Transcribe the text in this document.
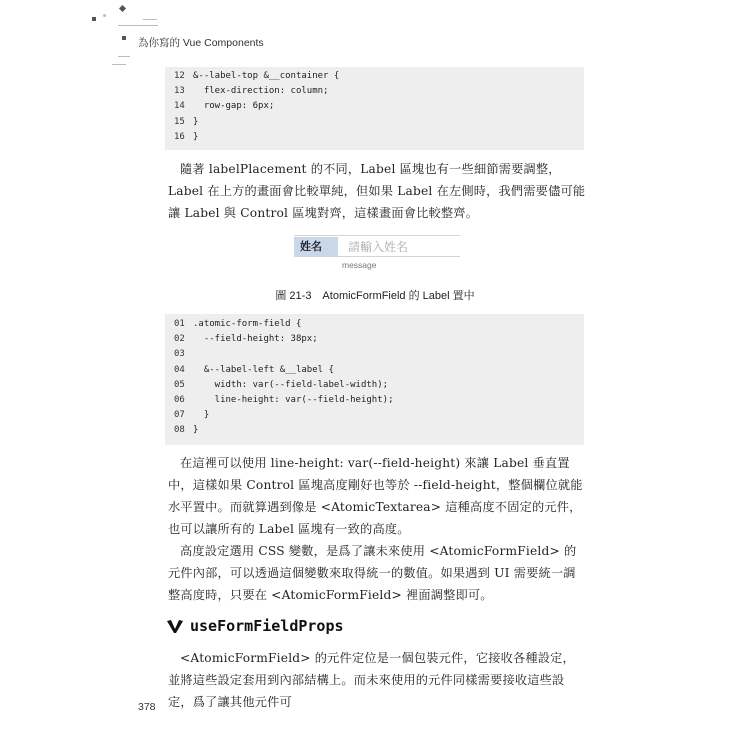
為你寫的 Vue Components
12 &--label-top &__container {
13 flex-direction: column;
14 row-gap: 6px;
15 }
16 }
隨著 labelPlacement 的不同，Label 區塊也有一些細節需要調整，Label 在上方的畫面會比較單純，但如果 Label 在左側時，我們需要儘可能讓 Label 與 Control 區塊對齊，這樣畫面會比較整齊。
姓名	請輸入姓名
message
圖 21-3　AtomicFormField 的 Label 置中
01 .atomic-form-field {
02 --field-height: 38px;
03
04 &--label-left &__label {
05 width: var(--field-label-width);
06 line-height: var(--field-height);
07 }
08 }
在這裡可以使用 line-height: var(--field-height) 來讓 Label 垂直置中，這樣如果 Control 區塊高度剛好也等於 --field-height，整個欄位就能水平置中。而就算遇到像是 <AtomicTextarea> 這種高度不固定的元件，也可以讓所有的 Label 區塊有一致的高度。
高度設定選用 CSS 變數，是爲了讓未來使用 <AtomicFormField> 的元件內部，可以透過這個變數來取得統一的數值。如果遇到 UI 需要統一調整高度時，只要在 <AtomicFormField> 裡面調整即可。
useFormFieldProps
<AtomicFormField> 的元件定位是一個包裝元件，它接收各種設定，並將這些設定套用到內部結構上。而未來使用的元件同樣需要接收這些設定，爲了讓其他元件可
378
